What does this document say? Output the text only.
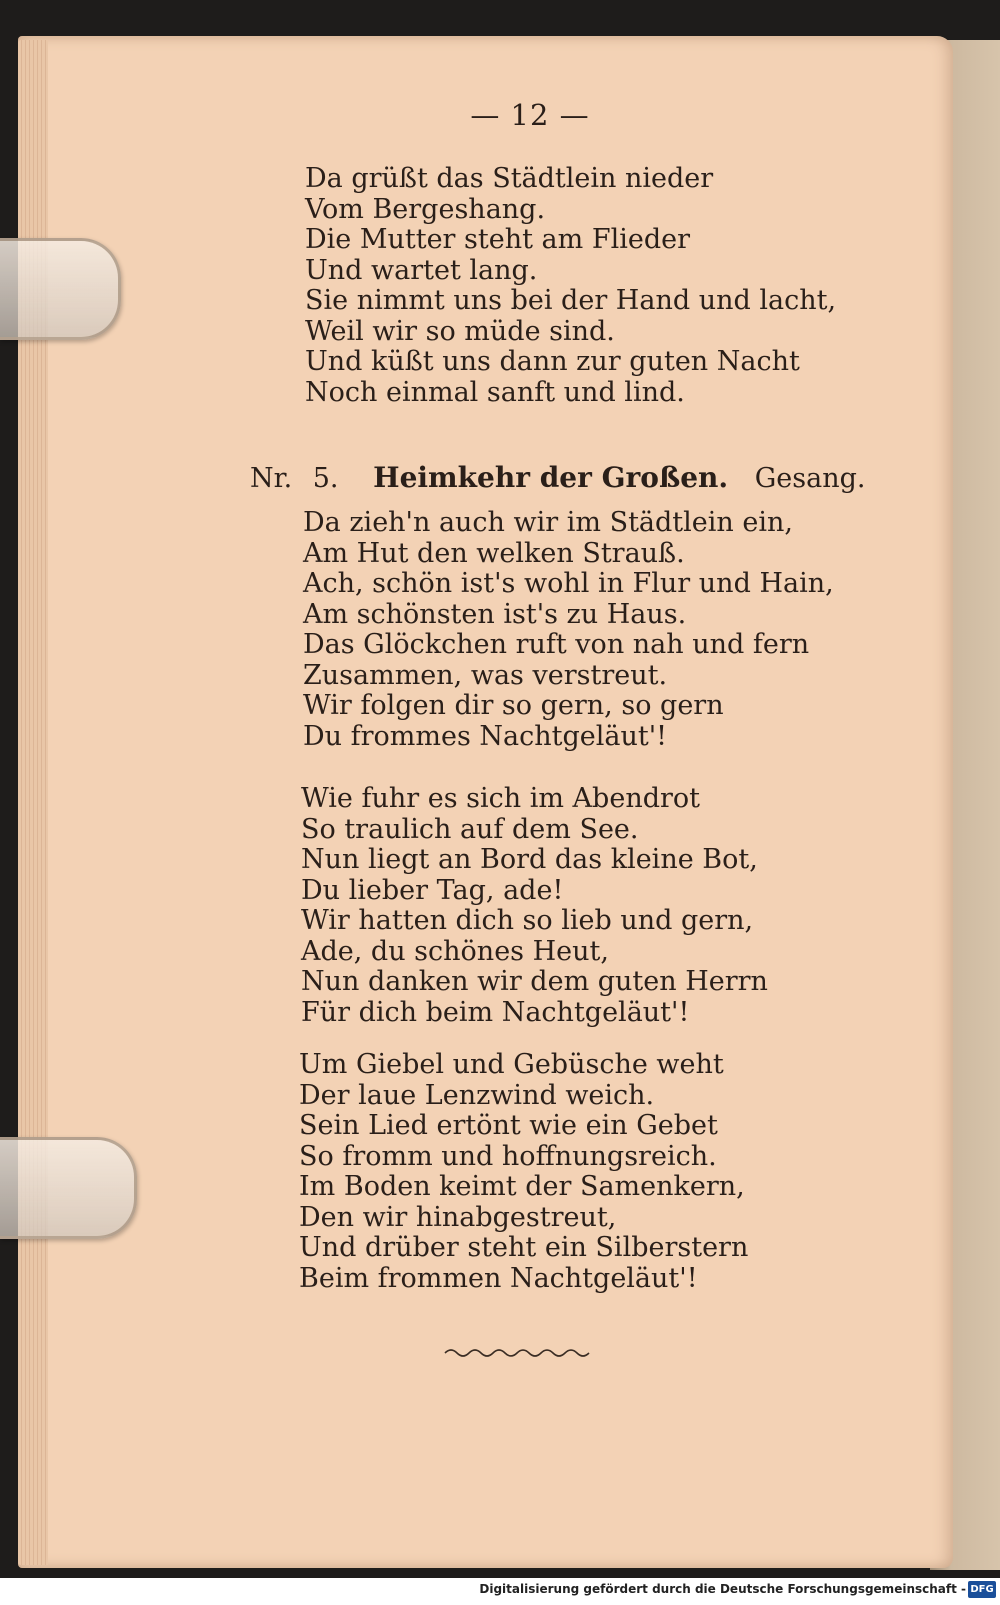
— 12 —
Da grüßt das Städtlein nieder
Vom Bergeshang.
Die Mutter steht am Flieder
Und wartet lang.
Sie nimmt uns bei der Hand und lacht,
Weil wir so müde sind.
Und küßt uns dann zur guten Nacht
Noch einmal sanft und lind.
Nr. 5. Heimkehr der Großen. Gesang.
Da zieh'n auch wir im Städtlein ein,
Am Hut den welken Strauß.
Ach, schön ist's wohl in Flur und Hain,
Am schönsten ist's zu Haus.
Das Glöckchen ruft von nah und fern
Zusammen, was verstreut.
Wir folgen dir so gern, so gern
Du frommes Nachtgeläut'!
Wie fuhr es sich im Abendrot
So traulich auf dem See.
Nun liegt an Bord das kleine Bot,
Du lieber Tag, ade!
Wir hatten dich so lieb und gern,
Ade, du schönes Heut,
Nun danken wir dem guten Herrn
Für dich beim Nachtgeläut'!
Um Giebel und Gebüsche weht
Der laue Lenzwind weich.
Sein Lied ertönt wie ein Gebet
So fromm und hoffnungsreich.
Im Boden keimt der Samenkern,
Den wir hinabgestreut,
Und drüber steht ein Silberstern
Beim frommen Nachtgeläut'!
Digitalisierung gefördert durch die Deutsche Forschungsgemeinschaft - DFG
